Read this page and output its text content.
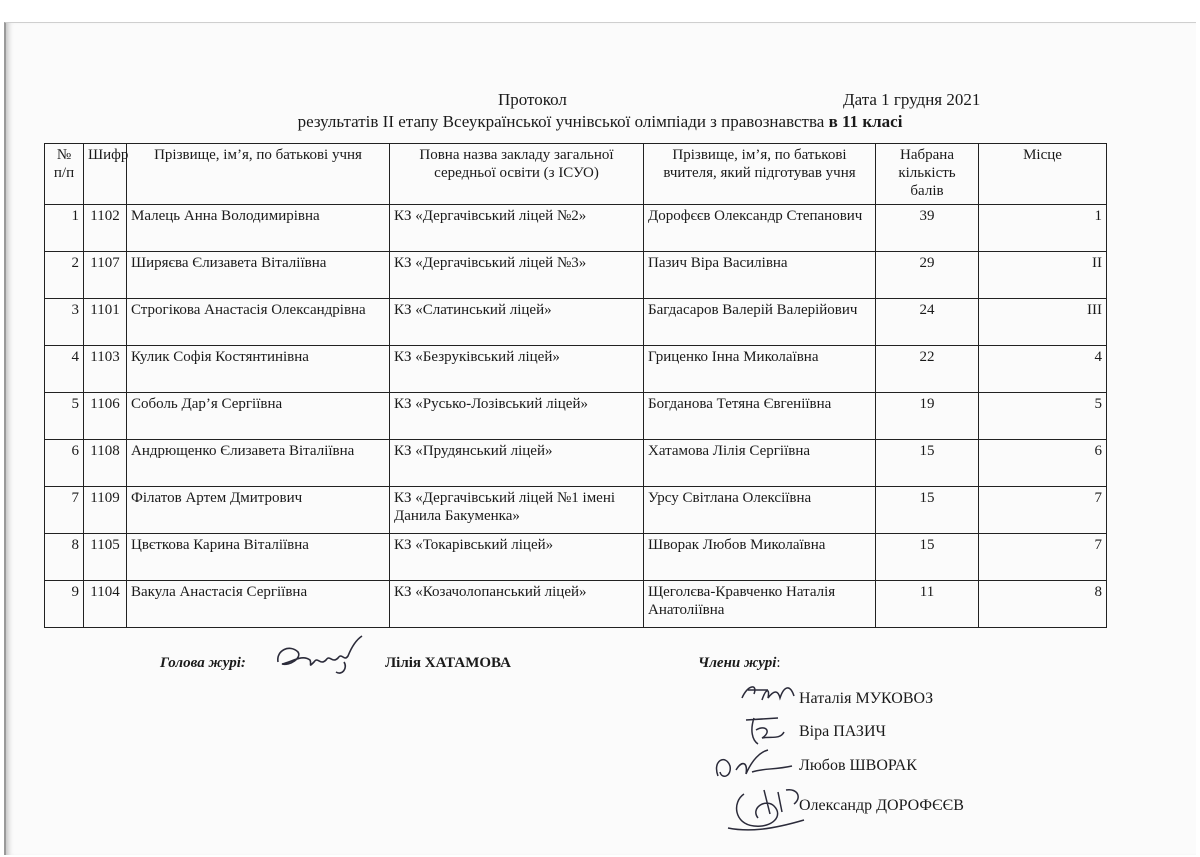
Протокол	Дата 1 грудня 2021
результатів ІІ етапу Всеукраїнської учнівської олімпіади з правознавства в 11 класі
№ п/п	Шифр	Прізвище, ім’я, по батькові учня	Повна назва закладу загальної середньої освіти (з ІСУО)	Прізвище, ім’я, по батькові вчителя, який підготував учня	Набрана кількість балів	Місце
1	1102	Малець Анна Володимирівна	КЗ «Дергачівський ліцей №2»	Дорофєєв Олександр Степанович	39	1
2	1107	Ширяєва Єлизавета Віталіївна	КЗ «Дергачівський ліцей №3»	Пазич Віра Василівна	29	II
3	1101	Строгікова Анастасія Олександрівна	КЗ «Слатинський ліцей»	Багдасаров Валерій Валерійович	24	III
4	1103	Кулик Софія Костянтинівна	КЗ «Безруківський ліцей»	Гриценко Інна Миколаївна	22	4
5	1106	Соболь Дар’я Сергіївна	КЗ «Русько-Лозівський ліцей»	Богданова Тетяна Євгеніївна	19	5
6	1108	Андрющенко Єлизавета Віталіївна	КЗ «Прудянський ліцей»	Хатамова Лілія Сергіївна	15	6
7	1109	Філатов Артем Дмитрович	КЗ «Дергачівський ліцей №1 імені Данила Бакуменка»	Урсу Світлана Олексіївна	15	7
8	1105	Цвєткова Карина Віталіївна	КЗ «Токарівський ліцей»	Шворак Любов Миколаївна	15	7
9	1104	Вакула Анастасія Сергіївна	КЗ «Козачолопанський ліцей»	Щеголєва-Кравченко Наталія Анатоліївна	11	8
Голова журі:	Лілія ХАТАМОВА	Члени журі:
Наталія МУКОВОЗ
Віра ПАЗИЧ
Любов ШВОРАК
Олександр ДОРОФЄЄВ
